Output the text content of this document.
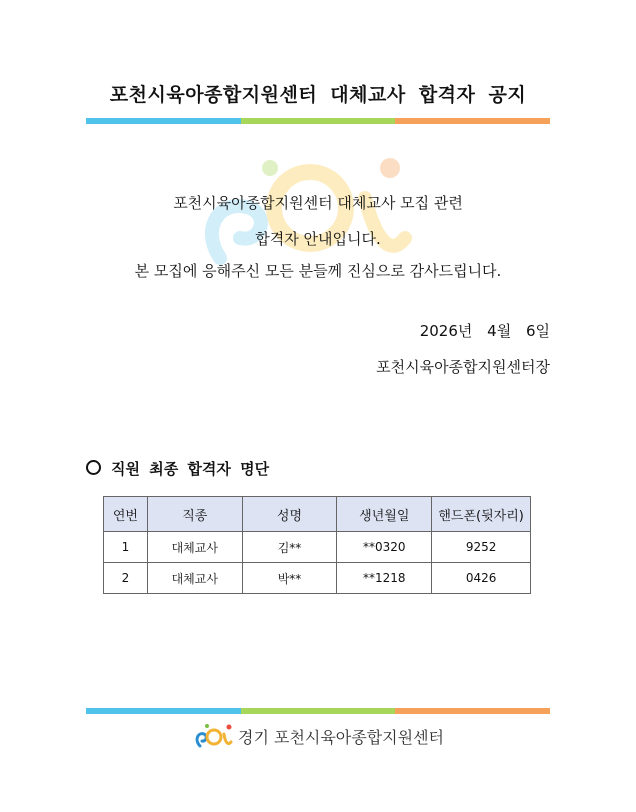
포천시육아종합지원센터 대체교사 합격자 공지
포천시육아종합지원센터 대체교사 모집 관련
합격자 안내입니다.
본 모집에 응해주신 모든 분들께 진심으로 감사드립니다.
2026년 4월 6일
포천시육아종합지원센터장
직원 최종 합격자 명단
연번	직종	성명	생년월일	핸드폰(뒷자리)
1	대체교사	김**	**0320	9252
2	대체교사	박**	**1218	0426
경기 포천시육아종합지원센터
